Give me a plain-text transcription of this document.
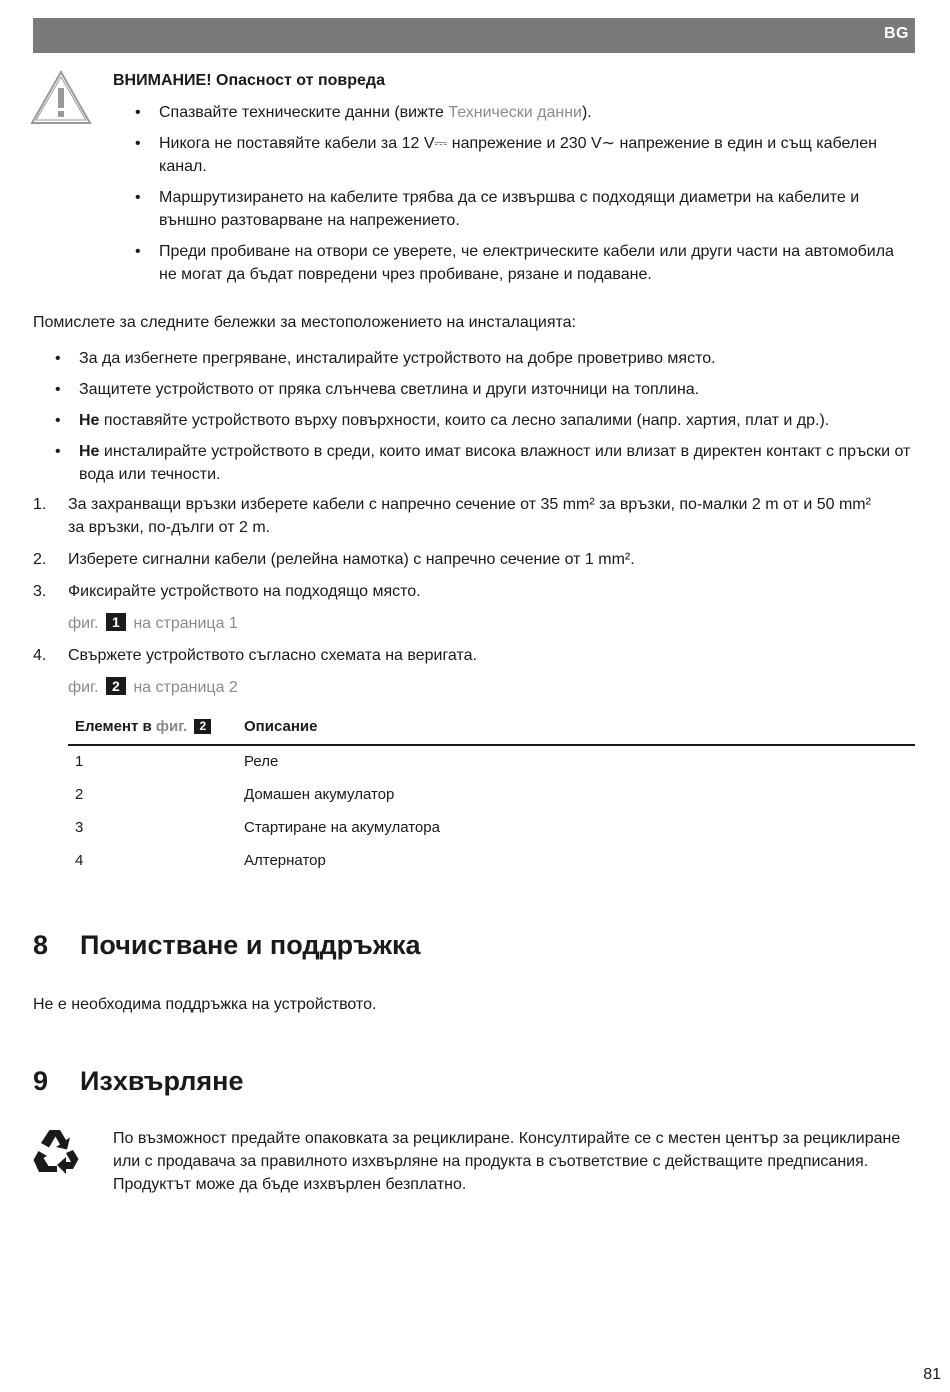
BG
ВНИМАНИЕ! Опасност от повреда
• Спазвайте техническите данни (вижте Технически данни).
• Никога не поставяйте кабели за 12 V⎓ напрежение и 230 V∼ напрежение в един и същ кабелен канал.
• Маршрутизирането на кабелите трябва да се извършва с подходящи диаметри на кабелите и външно разтоварване на напрежението.
• Преди пробиване на отвори се уверете, че електрическите кабели или други части на автомобила не могат да бъдат повредени чрез пробиване, рязане и подаване.
Помислете за следните бележки за местоположението на инсталацията:
• За да избегнете прегряване, инсталирайте устройството на добре проветриво място.
• Защитете устройството от пряка слънчева светлина и други източници на топлина.
• Не поставяйте устройството върху повърхности, които са лесно запалими (напр. хартия, плат и др.).
• Не инсталирайте устройството в среди, които имат висока влажност или влизат в директен контакт с пръски от вода или течности.
1. За захранващи връзки изберете кабели с напречно сечение от 35 mm² за връзки, по-малки 2 m от и 50 mm² за връзки, по-дълги от 2 m.
2. Изберете сигнални кабели (релейна намотка) с напречно сечение от 1 mm².
3. Фиксирайте устройството на подходящо място.
фиг. 1 на страница 1
4. Свържете устройството съгласно схемата на веригата.
фиг. 2 на страница 2
Елемент в фиг. 2	Описание
1	Реле
2	Домашен акумулатор
3	Стартиране на акумулатора
4	Алтернатор
8 Почистване и поддръжка
Не е необходима поддръжка на устройството.
9 Изхвърляне
По възможност предайте опаковката за рециклиране. Консултирайте се с местен център за рециклиране или с продавача за правилното изхвърляне на продукта в съответствие с действащите предписания. Продуктът може да бъде изхвърлен безплатно.
81
